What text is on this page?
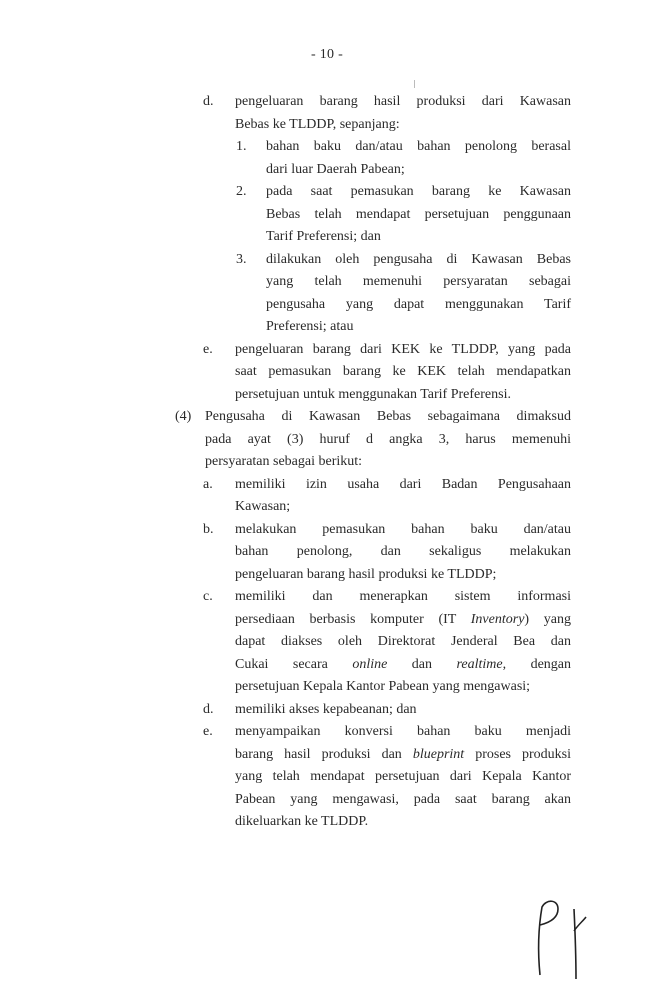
- 10 -
d. pengeluaran barang hasil produksi dari Kawasan
Bebas ke TLDDP, sepanjang:
1. bahan baku dan/atau bahan penolong berasal
dari luar Daerah Pabean;
2. pada saat pemasukan barang ke Kawasan
Bebas telah mendapat persetujuan penggunaan
Tarif Preferensi; dan
3. dilakukan oleh pengusaha di Kawasan Bebas
yang telah memenuhi persyaratan sebagai
pengusaha yang dapat menggunakan Tarif
Preferensi; atau
e. pengeluaran barang dari KEK ke TLDDP, yang pada
saat pemasukan barang ke KEK telah mendapatkan
persetujuan untuk menggunakan Tarif Preferensi.
(4) Pengusaha di Kawasan Bebas sebagaimana dimaksud
pada ayat (3) huruf d angka 3, harus memenuhi
persyaratan sebagai berikut:
a. memiliki izin usaha dari Badan Pengusahaan
Kawasan;
b. melakukan pemasukan bahan baku dan/atau
bahan penolong, dan sekaligus melakukan
pengeluaran barang hasil produksi ke TLDDP;
c. memiliki dan menerapkan sistem informasi
persediaan berbasis komputer (IT Inventory) yang
dapat diakses oleh Direktorat Jenderal Bea dan
Cukai secara online dan realtime, dengan
persetujuan Kepala Kantor Pabean yang mengawasi;
d. memiliki akses kepabeanan; dan
e. menyampaikan konversi bahan baku menjadi
barang hasil produksi dan blueprint proses produksi
yang telah mendapat persetujuan dari Kepala Kantor
Pabean yang mengawasi, pada saat barang akan
dikeluarkan ke TLDDP.
